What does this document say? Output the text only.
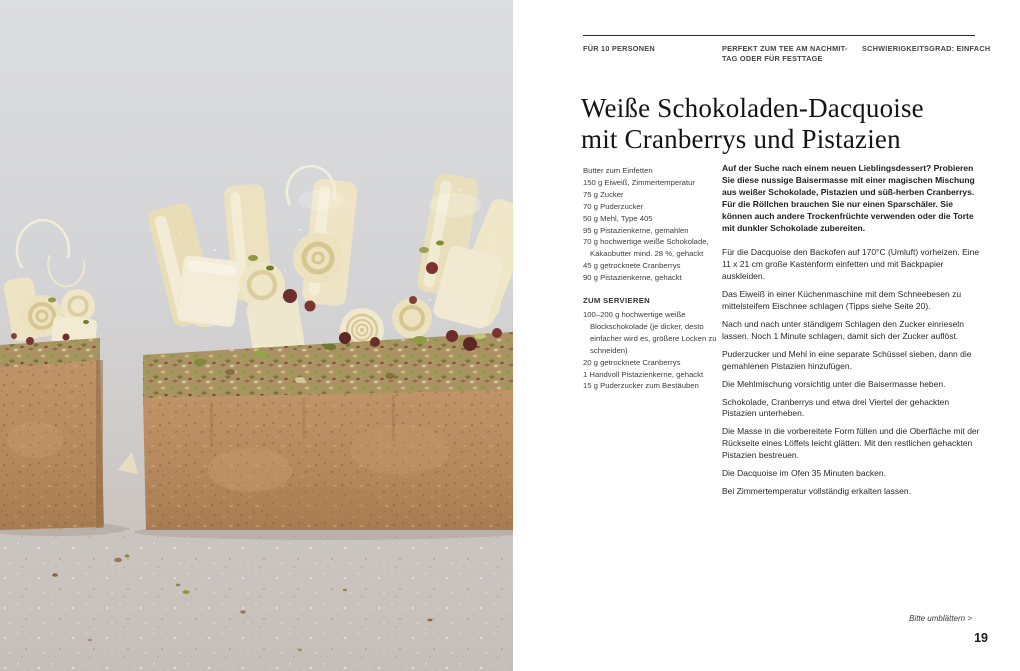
FÜR 10 PERSONEN	PERFEKT ZUM TEE AM NACHMIT-
TAG ODER FÜR FESTTAGE
SCHWIERIGKEITSGRAD: EINFACH
Weiße Schokoladen-Dacquoise
mit Cranberrys und Pistazien
Butter zum Einfetten
150 g Eiweiß, Zimmertemperatur
75 g Zucker
70 g Puderzucker
50 g Mehl, Type 405
95 g Pistazienkerne, gemahlen
70 g hochwertige weiße Schokolade, Kakaobutter mind. 28 %, gehackt
45 g getrocknete Cranberrys
90 g Pistazienkerne, gehackt
ZUM SERVIEREN
100–200 g hochwertige weiße Blockschokolade (je dicker, desto einfacher wird es, größere Locken zu schneiden)
20 g getrocknete Cranberrys
1 Handvoll Pistazienkerne, gehackt
15 g Puderzucker zum Bestäuben

Auf der Suche nach einem neuen Lieblingsdessert? Probieren Sie diese nussige Baisermasse mit einer magischen Mischung aus weißer Schokolade, Pistazien und süß-herben Cranberrys. Für die Röllchen brauchen Sie nur einen Sparschäler. Sie können auch andere Trockenfrüchte verwenden oder die Torte mit dunkler Schokolade zubereiten.

Für die Dacquoise den Backofen auf 170°C (Umluft) vorheizen. Eine 11 x 21 cm große Kastenform einfetten und mit Backpapier auskleiden.

Das Eiweiß in einer Küchenmaschine mit dem Schneebesen zu mittelsteifem Eischnee schlagen (Tipps siehe Seite 20).

Nach und nach unter ständigem Schlagen den Zucker einrieseln lassen. Noch 1 Minute schlagen, damit sich der Zucker auflöst.

Puderzucker und Mehl in eine separate Schüssel sieben, dann die gemahlenen Pistazien hinzufügen.

Die Mehlmischung vorsichtig unter die Baisermasse heben.

Schokolade, Cranberrys und etwa drei Viertel der gehackten Pistazien unterheben.

Die Masse in die vorbereitete Form füllen und die Oberfläche mit der Rückseite eines Löffels leicht glätten. Mit den restlichen gehackten Pistazien bestreuen.

Die Dacquoise im Ofen 35 Minuten backen.

Bei Zimmertemperatur vollständig erkalten lassen.

Bitte umblättern >
19
